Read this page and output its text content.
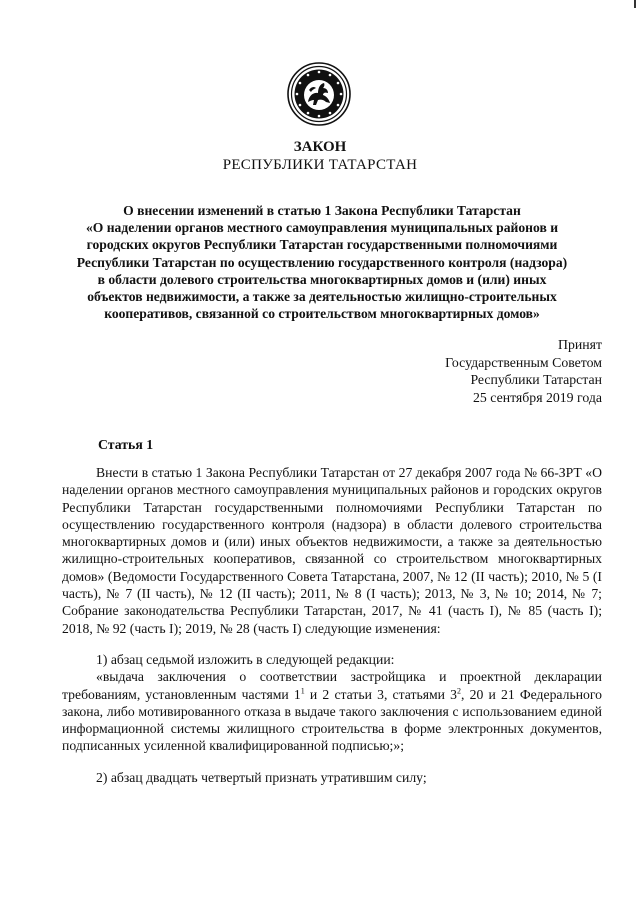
ЗАКОН
РЕСПУБЛИКИ ТАТАРСТАН
О внесении изменений в статью 1 Закона Республики Татарстан
«О наделении органов местного самоуправления муниципальных районов и
городских округов Республики Татарстан государственными полномочиями
Республики Татарстан по осуществлению государственного контроля (надзора)
в области долевого строительства многоквартирных домов и (или) иных
объектов недвижимости, а также за деятельностью жилищно-строительных
кооперативов, связанной со строительством многоквартирных домов»
Принят
Государственным Советом
Республики Татарстан
25 сентября 2019 года
Статья 1

Внести в статью 1 Закона Республики Татарстан от 27 декабря 2007 года № 66-ЗРТ «О наделении органов местного самоуправления муниципальных районов и городских округов Республики Татарстан государственными полномочиями Республики Татарстан по осуществлению государственного контроля (надзора) в области долевого строительства многоквартирных домов и (или) иных объектов недвижимости, а также за деятельностью жилищно-строительных кооперативов, связанной со строительством многоквартирных домов» (Ведомости Государственного Совета Татарстана, 2007, № 12 (II часть); 2010, № 5 (I часть), № 7 (II часть), № 12 (II часть); 2011, № 8 (I часть); 2013, № 3, № 10; 2014, № 7; Собрание законодательства Республики Татарстан, 2017, № 41 (часть I), № 85 (часть I); 2018, № 92 (часть I); 2019, № 28 (часть I) следующие изменения:

1) абзац седьмой изложить в следующей редакции:

«выдача заключения о соответствии застройщика и проектной декларации требованиям, установленным частями $1^1$ и 2 статьи 3, статьями $3^2$, 20 и 21 Федерального закона, либо мотивированного отказа в выдаче такого заключения с использованием единой информационной системы жилищного строительства в форме электронных документов, подписанных усиленной квалифицированной подписью;»;

2) абзац двадцать четвертый признать утратившим силу;
